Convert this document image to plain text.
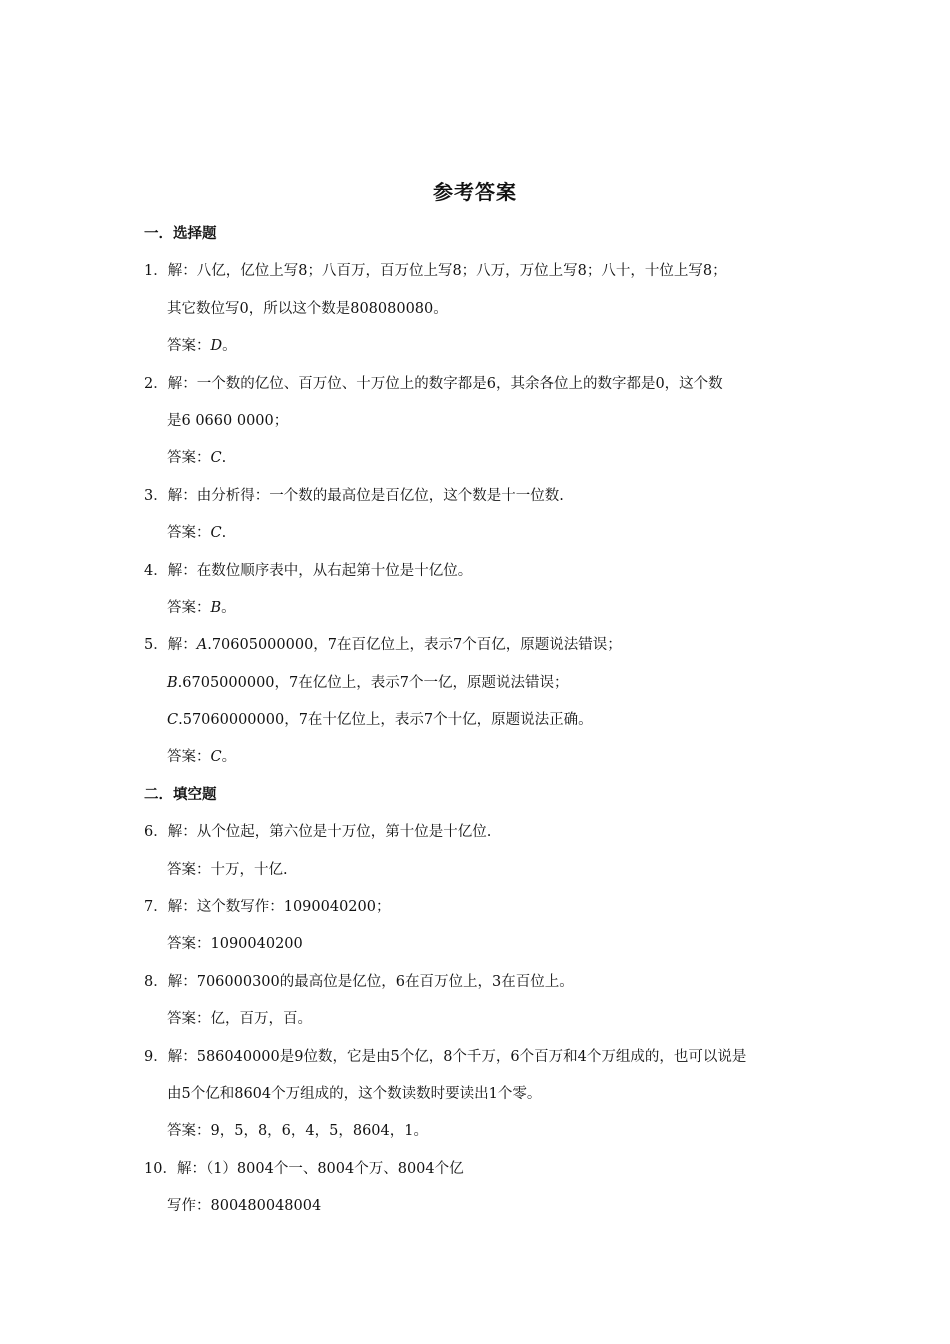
参考答案
一．选择题
1．解：八亿，亿位上写8；八百万，百万位上写8；八万，万位上写8；八十，十位上写8；
其它数位写0，所以这个数是808080080。
答案：D。
2．解：一个数的亿位、百万位、十万位上的数字都是6，其余各位上的数字都是0，这个数
是6 0660 0000；
答案：C.
3．解：由分析得：一个数的最高位是百亿位，这个数是十一位数.
答案：C.
4．解：在数位顺序表中，从右起第十位是十亿位。
答案：B。
5．解：A.70605000000，7在百亿位上，表示7个百亿，原题说法错误；
B.6705000000，7在亿位上，表示7个一亿，原题说法错误；
C.57060000000，7在十亿位上，表示7个十亿，原题说法正确。
答案：C。
二．填空题
6．解：从个位起，第六位是十万位，第十位是十亿位.
答案：十万，十亿.
7．解：这个数写作：1090040200；
答案：1090040200
8．解：706000300的最高位是亿位，6在百万位上，3在百位上。
答案：亿，百万，百。
9．解：586040000是9位数，它是由5个亿，8个千万，6个百万和4个万组成的，也可以说是
由5个亿和8604个万组成的，这个数读数时要读出1个零。
答案：9，5，8，6，4，5，8604，1。
10．解：（1）8004个一、8004个万、8004个亿
写作：800480048004
